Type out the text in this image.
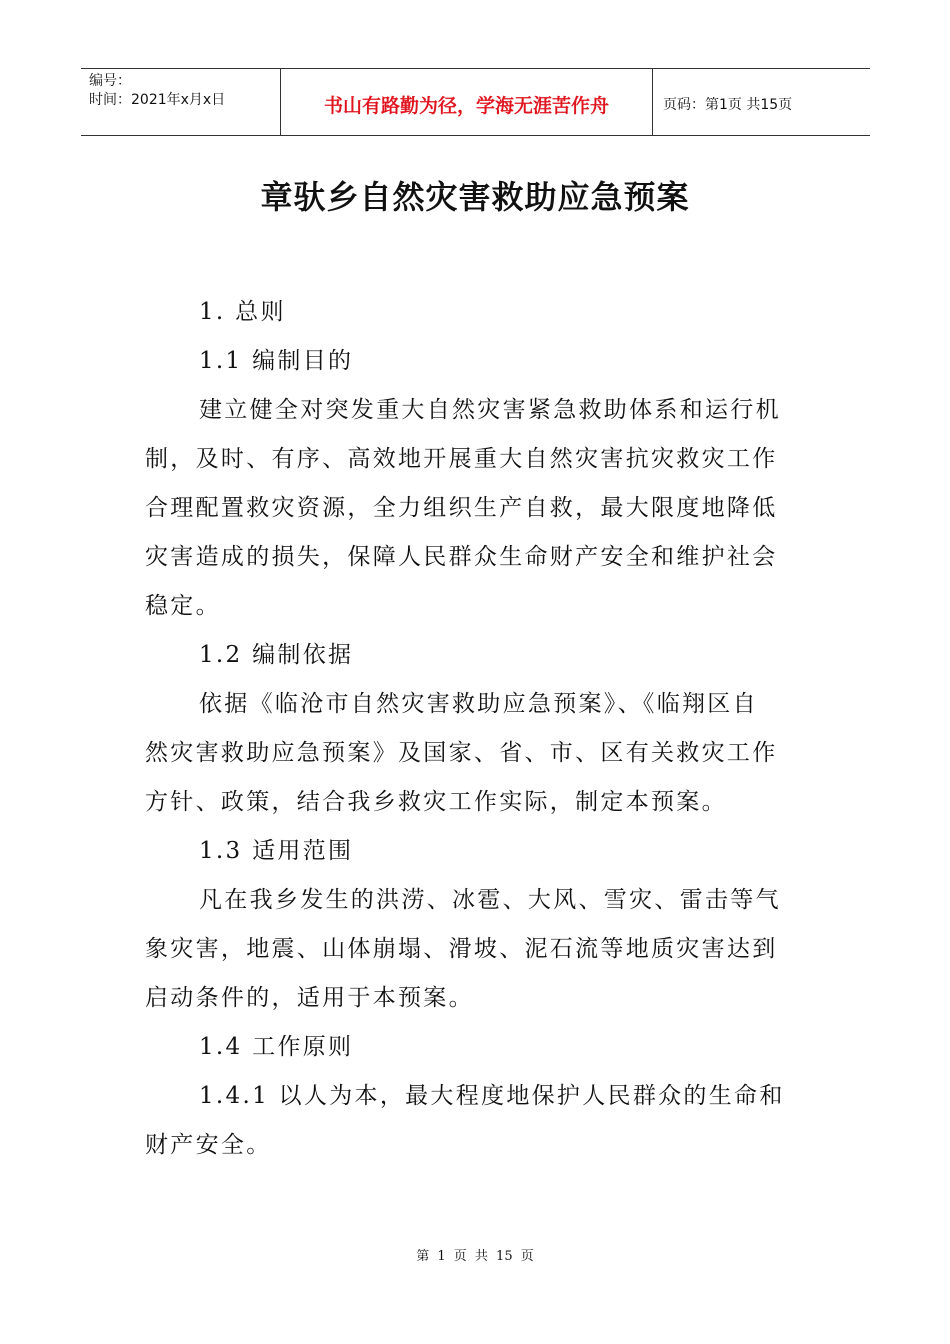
编号：
时间：2021年x月x日	书山有路勤为径，学海无涯苦作舟	页码：第1页 共15页
章驮乡自然灾害救助应急预案
1. 总则
1.1 编制目的
建立健全对突发重大自然灾害紧急救助体系和运行机
制，及时、有序、高效地开展重大自然灾害抗灾救灾工作
合理配置救灾资源，全力组织生产自救，最大限度地降低
灾害造成的损失，保障人民群众生命财产安全和维护社会
稳定。
1.2 编制依据
依据《临沧市自然灾害救助应急预案》、《临翔区自
然灾害救助应急预案》及国家、省、市、区有关救灾工作
方针、政策，结合我乡救灾工作实际，制定本预案。
1.3 适用范围
凡在我乡发生的洪涝、冰雹、大风、雪灾、雷击等气
象灾害，地震、山体崩塌、滑坡、泥石流等地质灾害达到
启动条件的，适用于本预案。
1.4 工作原则
1.4.1 以人为本，最大程度地保护人民群众的生命和
财产安全。
第 1 页 共 15 页
